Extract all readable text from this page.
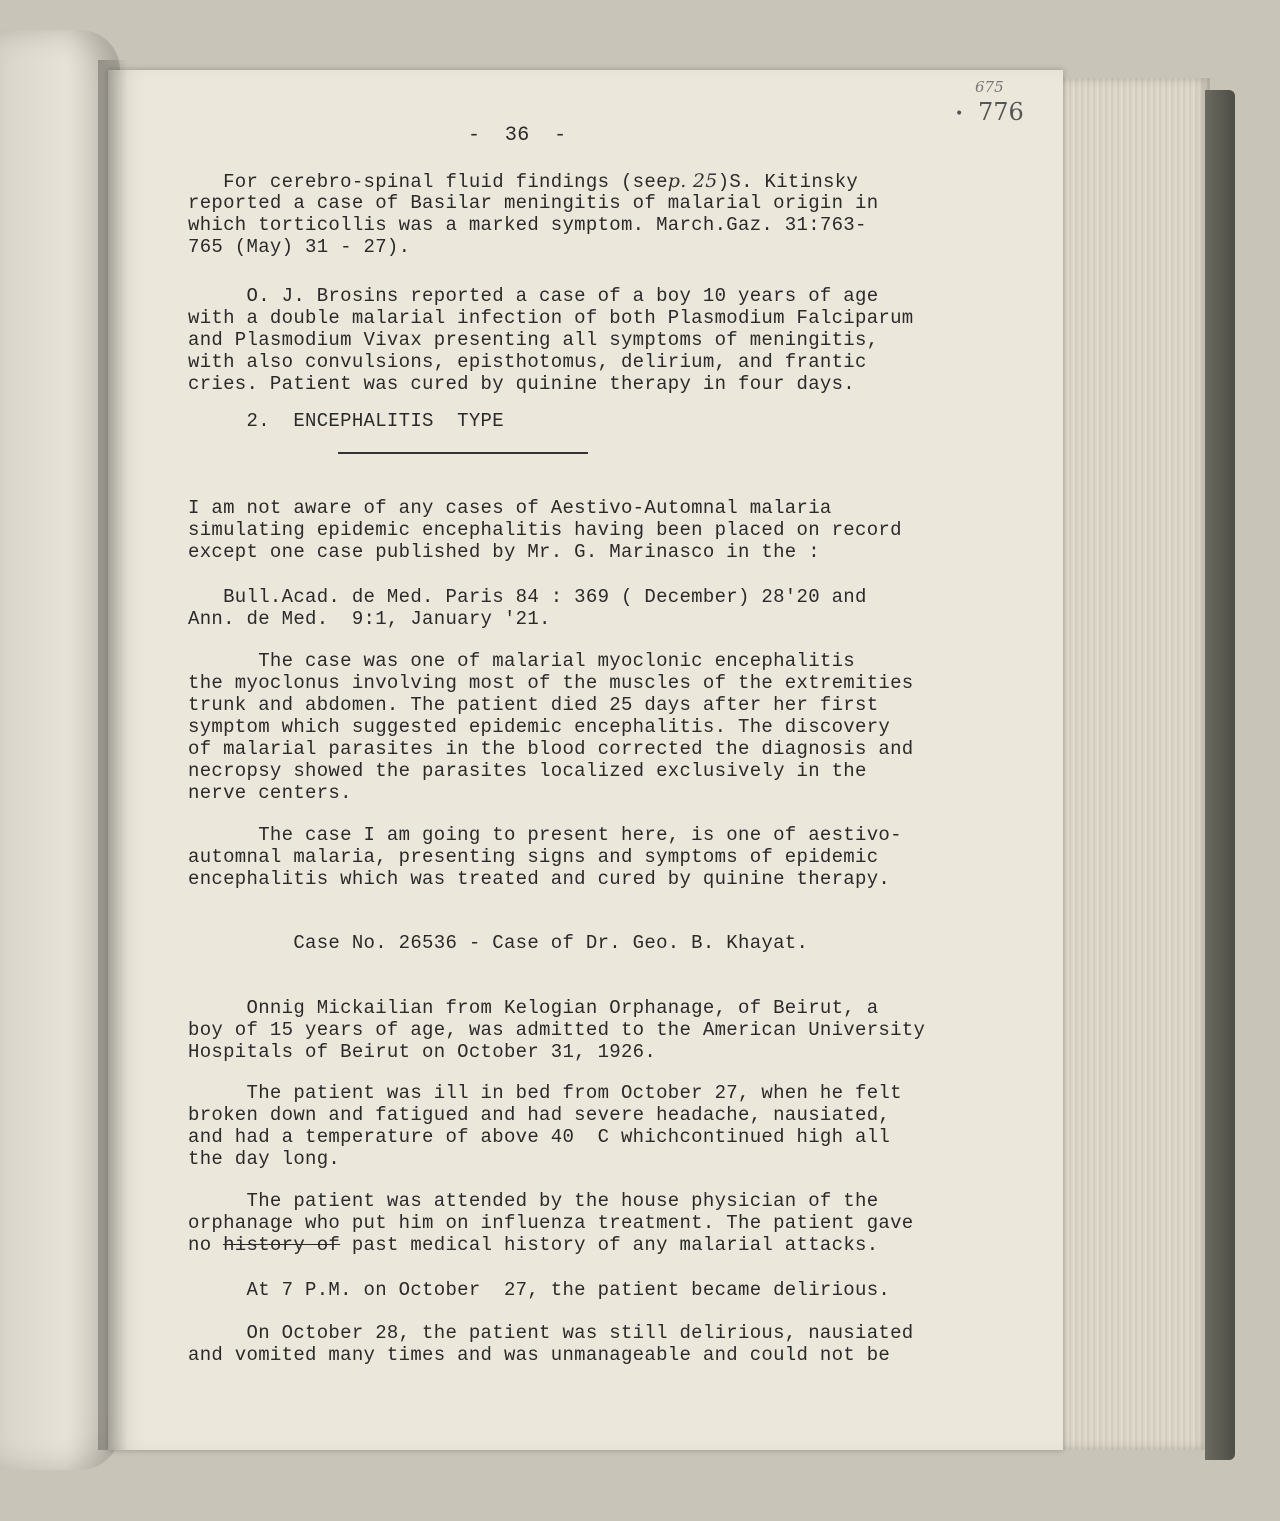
675
• 776
-  36  -
For cerebro-spinal fluid findings (seep. 25)S. Kitinsky
reported a case of Basilar meningitis of malarial origin in
which torticollis was a marked symptom. March.Gaz. 31:763-
765 (May) 31 - 27).
O. J. Brosins reported a case of a boy 10 years of age
with a double malarial infection of both Plasmodium Falciparum
and Plasmodium Vivax presenting all symptoms of meningitis,
with also convulsions, episthotomus, delirium, and frantic
cries. Patient was cured by quinine therapy in four days.
2.  ENCEPHALITIS  TYPE
I am not aware of any cases of Aestivo-Automnal malaria
simulating epidemic encephalitis having been placed on record
except one case published by Mr. G. Marinasco in the :
Bull.Acad. de Med. Paris 84 : 369 ( December) 28'20 and
Ann. de Med.  9:1, January '21.
The case was one of malarial myoclonic encephalitis
the myoclonus involving most of the muscles of the extremities
trunk and abdomen. The patient died 25 days after her first
symptom which suggested epidemic encephalitis. The discovery
of malarial parasites in the blood corrected the diagnosis and
necropsy showed the parasites localized exclusively in the
nerve centers.
The case I am going to present here, is one of aestivo-
automnal malaria, presenting signs and symptoms of epidemic
encephalitis which was treated and cured by quinine therapy.
Case No. 26536 - Case of Dr. Geo. B. Khayat.
Onnig Mickailian from Kelogian Orphanage, of Beirut, a
boy of 15 years of age, was admitted to the American University
Hospitals of Beirut on October 31, 1926.
The patient was ill in bed from October 27, when he felt
broken down and fatigued and had severe headache, nausiated,
and had a temperature of above 40  C whichcontinued high all
the day long.
The patient was attended by the house physician of the
orphanage who put him on influenza treatment. The patient gave
no history of past medical history of any malarial attacks.
At 7 P.M. on October  27, the patient became delirious.
On October 28, the patient was still delirious, nausiated
and vomited many times and was unmanageable and could not be
